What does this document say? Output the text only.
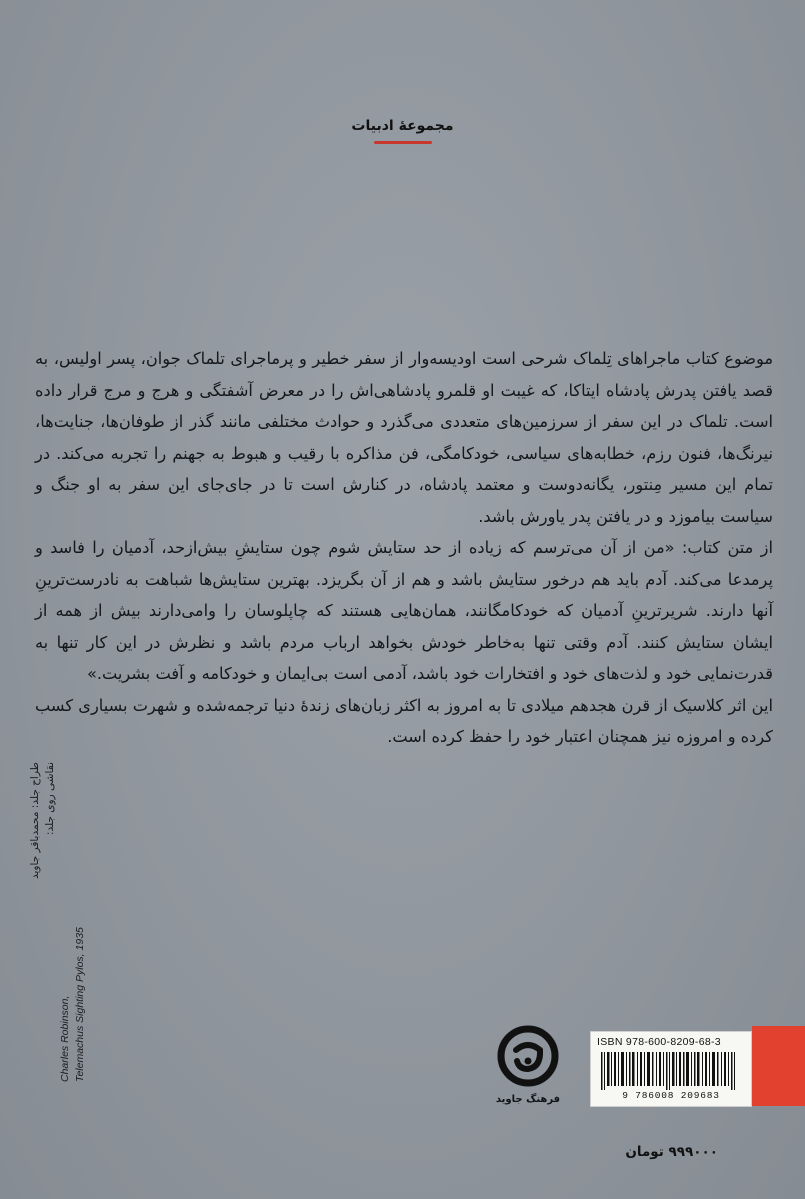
مجموعهٔ ادبیات

موضوع کتاب ماجراهای تِلماک شرحی است اودیسه‌وار از سفر خطیر و پرماجرای تلماک جوان، پسر اولیس، به قصد یافتن پدرش پادشاه ایتاکا، که غیبت او قلمرو پادشاهی‌اش را در معرض آشفتگی و هرج و مرج قرار داده است. تلماک در این سفر از سرزمین‌های متعددی می‌گذرد و حوادث مختلفی مانند گذر از طوفان‌ها، جنایت‌ها، نیرنگ‌ها، فنون رزم، خطابه‌های سیاسی، خودکامگی، فن مذاکره با رقیب و هبوط به جهنم را تجربه می‌کند. در تمام این مسیر مِنتور، یگانه‌دوست و معتمد پادشاه، در کنارش است تا در جای‌جای این سفر به او جنگ و سیاست بیاموزد و در یافتن پدر یاورش باشد.

از متن کتاب: «من از آن می‌ترسم که زیاده از حد ستایش شوم چون ستایشِ بیش‌ازحد، آدمیان را فاسد و پرمدعا می‌کند. آدم باید هم درخور ستایش باشد و هم از آن بگریزد. بهترین ستایش‌ها شباهت به نادرست‌ترینِ آنها دارند. شریرترینِ آدمیان که خودکامگانند، همان‌هایی هستند که چاپلوسان را وامی‌دارند بیش از همه از ایشان ستایش کنند. آدم وقتی تنها به‌خاطر خودش بخواهد ارباب مردم باشد و نظرش در این کار تنها به قدرت‌نمایی خود و لذت‌های خود و افتخارات خود باشد، آدمی است بی‌ایمان و خودکامه و آفت بشریت.»

این اثر کلاسیک از قرن هجدهم میلادی تا به امروز به اکثر زبان‌های زندهٔ دنیا ترجمه‌شده و شهرت بسیاری کسب کرده و امروزه نیز همچنان اعتبار خود را حفظ کرده است.

طراح جلد: محمدباقر جاوید نقاشی روی جلد:
Charles Robinson, Telemachus Sighting Pylos, 1935
فرهنگ جاوید
ISBN 978-600-8209-68-3
9 786008 209683
۹۹۹۰۰۰ تومان
